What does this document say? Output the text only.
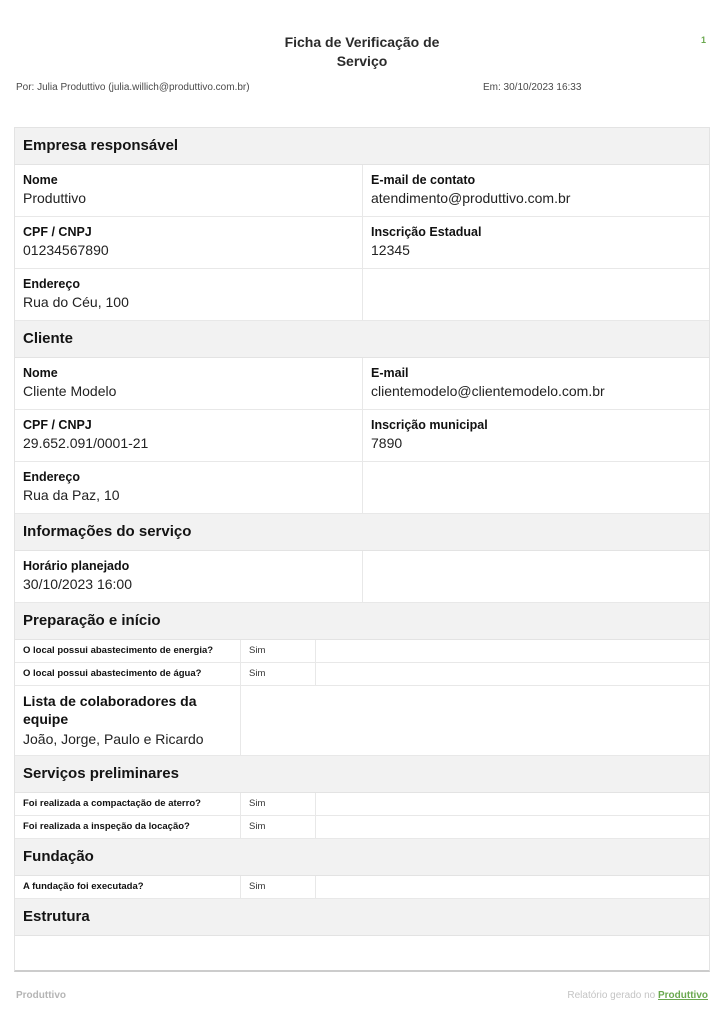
Ficha de Verificação de Serviço
1
Por: Julia Produttivo (julia.willich@produttivo.com.br)	Em: 30/10/2023 16:33
Empresa responsável
Nome
Produttivo
E-mail de contato
atendimento@produttivo.com.br
CPF / CNPJ
01234567890
Inscrição Estadual
12345
Endereço
Rua do Céu, 100
Cliente
Nome
Cliente Modelo
E-mail
clientemodelo@clientemodelo.com.br
CPF / CNPJ
29.652.091/0001-21
Inscrição municipal
7890
Endereço
Rua da Paz, 10
Informações do serviço
Horário planejado
30/10/2023 16:00
Preparação e início
O local possui abastecimento de energia?	Sim
O local possui abastecimento de água?	Sim
Lista de colaboradores da equipe
João, Jorge, Paulo e Ricardo
Serviços preliminares
Foi realizada a compactação de aterro?	Sim
Foi realizada a inspeção da locação?	Sim
Fundação
A fundação foi executada?	Sim
Estrutura
Produttivo	Relatório gerado no Produttivo
